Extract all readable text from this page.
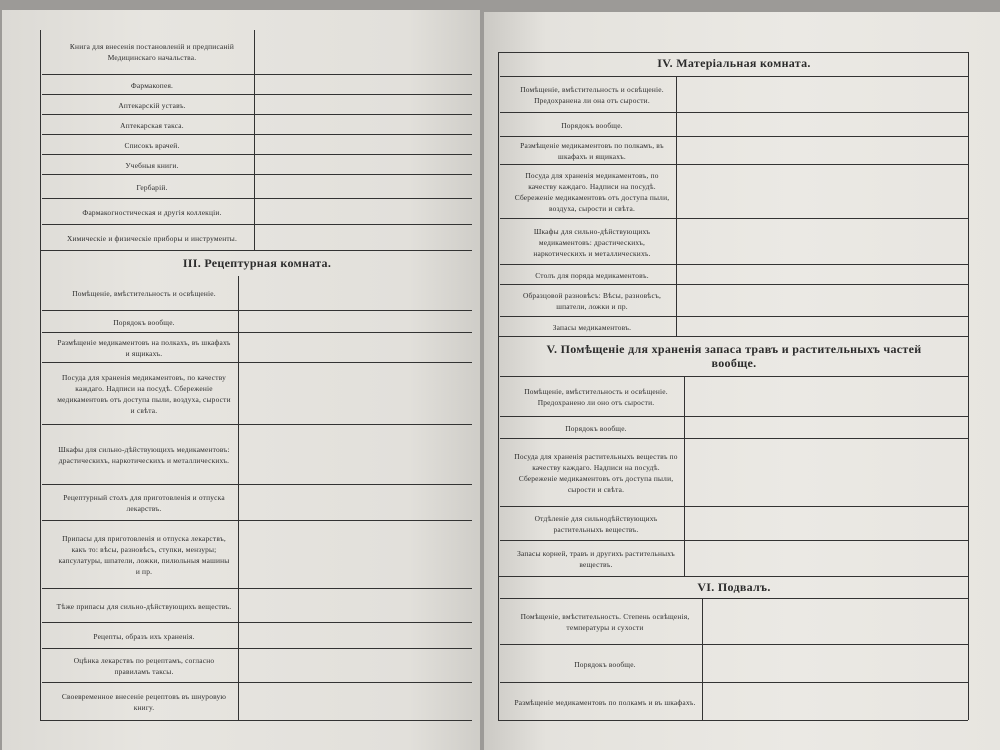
Книга для внесенія постановленій и предписаній Медицинскаго начальства.
Фармакопея.
Аптекарскій уставъ.
Аптекарская такса.
Списокъ врачей.
Учебныя книги.
Гербарій.
Фармакогностическая и другія коллекціи.
Химическіе и физическіе приборы и инструменты.
III. Рецептурная комната.
Помѣщеніе, вмѣстительность и освѣщеніе.
Порядокъ вообще.
Размѣщеніе медикаментовъ на полкахъ, въ шкафахъ и ящикахъ.
Посуда для храненія медикаментовъ, по качеству каждаго. Надписи на посудѣ. Сбереженіе медикаментовъ отъ доступа пыли, воздуха, сырости и свѣта.
Шкафы для сильно-дѣйствующихъ медикаментовъ: драстическихъ, наркотическихъ и металлическихъ.
Рецептурный столъ для приготовленія и отпуска лекарствъ.
Припасы для приготовленія и отпуска лекарствъ, какъ то: вѣсы, разновѣсъ, ступки, мензуры; капсулатуры, шпатели, ложки, пилюльныя машины и пр.
Тѣже припасы для сильно-дѣйствующихъ веществъ.
Рецепты, образъ ихъ храненія.
Оцѣнка лекарствъ по рецептамъ, согласно правиламъ таксы.
Своевременное внесеніе рецептовъ въ шнуровую книгу.
IV. Матеріальная комната.
Помѣщеніе, вмѣстительность и освѣщеніе. Предохранена ли она отъ сырости.
Порядокъ вообще.
Размѣщеніе медикаментовъ по полкамъ, въ шкафахъ и ящикахъ.
Посуда для храненія медикаментовъ, по качеству каждаго. Надписи на посудѣ. Сбереженіе медикаментовъ отъ доступа пыли, воздуха, сырости и свѣта.
Шкафы для сильно-дѣйствующихъ медикаментовъ: драстическихъ, наркотическихъ и металлическихъ.
Столъ для поряда медикаментовъ.
Образцовой разновѣсъ: Вѣсы, разновѣсъ, шпатели, ложки и пр.
Запасы медикаментовъ.
V. Помѣщеніе для храненія запаса травъ и растительныхъ частей вообще.
Помѣщеніе, вмѣстительность и освѣщеніе. Предохранено ли оно отъ сырости.
Порядокъ вообще.
Посуда для храненія растительныхъ веществъ по качеству каждаго. Надписи на посудѣ. Сбереженіе медикаментовъ отъ доступа пыли, сырости и свѣта.
Отдѣленіе для сильнодѣйствующихъ растительныхъ веществъ.
Запасы корней, травъ и другихъ растительныхъ веществъ.
VI. Подвалъ.
Помѣщеніе, вмѣстительность. Степень освѣщенія, температуры и сухости
Порядокъ вообще.
Размѣщеніе медикаментовъ по полкамъ и въ шкафахъ.
